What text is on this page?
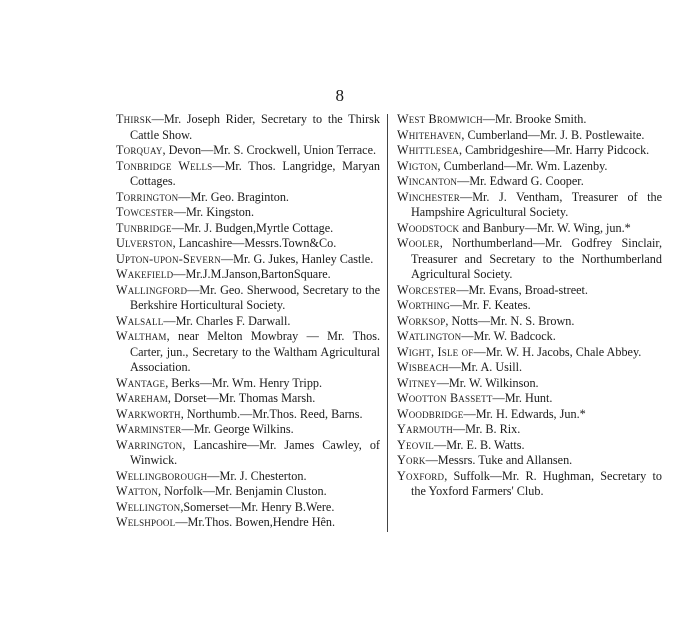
8

Thirsk—Mr. Joseph Rider, Secretary to the Thirsk Cattle Show.

Torquay, Devon—Mr. S. Crockwell, Union Terrace.

Tonbridge Wells—Mr. Thos. Langridge, Maryan Cottages.

Torrington—Mr. Geo. Braginton.

Towcester—Mr. Kingston.

Tunbridge—Mr. J. Budgen,Myrtle Cottage.

Ulverston, Lancashire—Messrs.Town&Co.

Upton-upon-Severn—Mr. G. Jukes, Hanley Castle.

Wakefield—Mr.J.M.Janson,BartonSquare.

Wallingford—Mr. Geo. Sherwood, Secretary to the Berkshire Horticultural Society.

Walsall—Mr. Charles F. Darwall.

Waltham, near Melton Mowbray — Mr. Thos. Carter, jun., Secretary to the Waltham Agricultural Association.

Wantage, Berks—Mr. Wm. Henry Tripp.

Wareham, Dorset—Mr. Thomas Marsh.

Warkworth, Northumb.—Mr.Thos. Reed, Barns.

Warminster—Mr. George Wilkins.

Warrington, Lancashire—Mr. James Cawley, of Winwick.

Wellingborough—Mr. J. Chesterton.

Watton, Norfolk—Mr. Benjamin Cluston.

Wellington,Somerset—Mr. Henry B.Were.

Welshpool—Mr.Thos. Bowen,Hendre Hên.

West Bromwich—Mr. Brooke Smith.

Whitehaven, Cumberland—Mr. J. B. Postlewaite.

Whittlesea, Cambridgeshire—Mr. Harry Pidcock.

Wigton, Cumberland—Mr. Wm. Lazenby.

Wincanton—Mr. Edward G. Cooper.

Winchester—Mr. J. Ventham, Treasurer of the Hampshire Agricultural Society.

Woodstock and Banbury—Mr. W. Wing, jun.*

Wooler, Northumberland—Mr. Godfrey Sinclair, Treasurer and Secretary to the Northumberland Agricultural Society.

Worcester—Mr. Evans, Broad-street.

Worthing—Mr. F. Keates.

Worksop, Notts—Mr. N. S. Brown.

Watlington—Mr. W. Badcock.

Wight, Isle of—Mr. W. H. Jacobs, Chale Abbey.

Wisbeach—Mr. A. Usill.

Witney—Mr. W. Wilkinson.

Wootton Bassett—Mr. Hunt.

Woodbridge—Mr. H. Edwards, Jun.*

Yarmouth—Mr. B. Rix.

Yeovil—Mr. E. B. Watts.

York—Messrs. Tuke and Allansen.

Yoxford, Suffolk—Mr. R. Hughman, Secretary to the Yoxford Farmers' Club.
